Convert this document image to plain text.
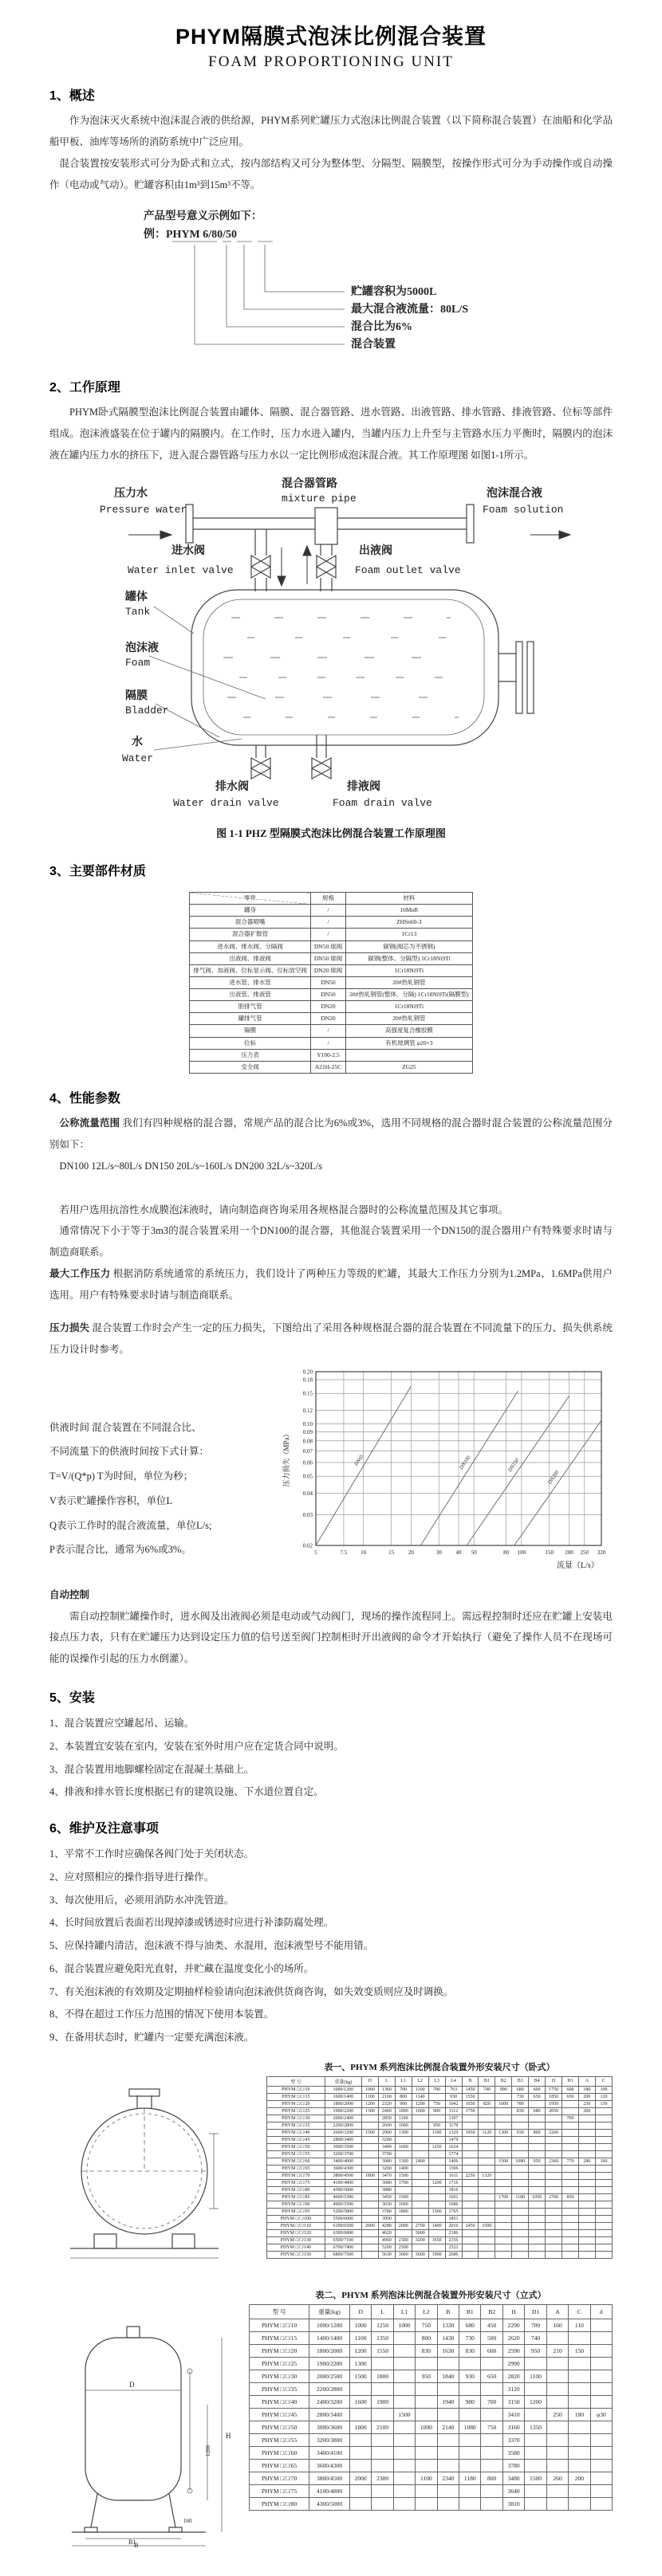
PHYM隔膜式泡沫比例混合装置
FOAM PROPORTIONING UNIT
1、概述
作为泡沫灭火系统中泡沫混合液的供给源，PHYM系列贮罐压力式泡沫比例混合装置（以下简称混合装置）在油船和化学品船甲板、油库等场所的消防系统中广泛应用。
混合装置按安装形式可分为卧式和立式，按内部结构又可分为整体型、分隔型、隔膜型，按操作形式可分为手动操作或自动操作（电动或气动）。贮罐容积由1m³到15m³不等。
产品型号意义示例如下：
例：PHYM 6/80/50
贮罐容积为5000L
最大混合液流量：80L/S
混合比为6%
混合装置
2、工作原理
PHYM卧式隔膜型泡沫比例混合装置由罐体、隔膜、混合器管路、进水管路、出液管路、排水管路、排液管路、位标等部件组成。泡沫液盛装在位于罐内的隔膜内。在工作时，压力水进入罐内，当罐内压力上升至与主管路水压力平衡时，隔膜内的泡沫液在罐内压力水的挤压下，进入混合器管路与压力水以一定比例形成泡沫混合液。其工作原理图 如图1-1所示。
压力水
Pressure water
混合器管路
mixture pipe	泡沫混合液
Foam solution
进水阀
Water inlet valve
出液阀
Foam outlet valve
罐体
Tank
泡沫液
Foam
隔膜
Bladder
水
Water
排水阀
Water drain valve
排液阀
Foam drain valve
图 1-1 PHZ 型隔膜式泡沫比例混合装置工作原理图
3、主要部件材质
零件	规格	材料
罐身	/	16MnR
混合器喷嘴	/	ZHSn60-3
混合器扩散管	/	1Cr13
进水阀、排水阀、分隔阀	DN50 球阀	碳钢(阀芯为不锈钢)
出液阀、排液阀	DN50 球阀	碳钢(整体、分隔型) 1Cr18Ni9Ti
排气阀、加液阀、位标显示阀、位标放空阀	DN20 球阀	1Cr18Ni9Ti
进水管、排水管	DN50	20#热轧钢管
出液管、排液管	DN50	20#热轧钢管(整体、分隔) 1Cr18Ni9Ti(隔膜型)
胆排气管	DN20	1Cr18Ni9Ti
罐排气管	DN20	20#热轧钢管
隔膜	/	高强度复合橡胶膜
位标	/	有机玻璃管 φ20×3
压力表	Y100-2.5	
安全阀	A21H-25C	ZG25
4、性能参数
公称流量范围 我们有四种规格的混合器，常规产品的混合比为6%或3%，选用不同规格的混合器时混合装置的公称流量范围分别如下：
DN100 12L/s~80L/s DN150 20L/s~160L/s DN200 32L/s~320L/s
若用户选用抗溶性水成膜泡沫液时，请向制造商咨询采用各规格混合器时的公称流量范围及其它事项。
通常情况下小于等于3m3的混合装置采用一个DN100的混合器，其他混合装置采用一个DN150的混合器用户有特殊要求时请与制造商联系。
最大工作压力 根据消防系统通常的系统压力，我们设计了两种压力等级的贮罐，其最大工作压力分别为1.2MPa、1.6MPa供用户选用。用户有特殊要求时请与制造商联系。
压力损失 混合装置工作时会产生一定的压力损失，下图给出了采用各种规格混合器的混合装置在不同流量下的压力、损失供系统压力设计时参考。
供液时间 混合装置在不同混合比、
不同流量下的供液时间按下式计算：
T=V/(Q*p) T为时间，单位为秒；
V表示贮罐操作容积，单位L
Q表示工作时的混合液流量，单位L/s;
P表示混合比，通常为6%或3%。	5	7.5 10	15	20	30	40 50	80 100	150 200 250 320
0.02
0.03
0.04
0.05
0.06
0.07
0.08
0.09
0.10
0.12
0.15
0.18
0.20
DN65	DN100	DN150
DN200
压力损失（MPa）
流量（L/s）
自动控制
需自动控制贮罐操作时，进水阀及出液阀必须是电动或气动阀门，现场的操作流程同上。需远程控制时还应在贮罐上安装电接点压力表，只有在贮罐压力达到设定压力值的信号送至阀门控制柜时开出液阀的命令才开始执行（避免了操作人员不在现场可能的误操作引起的压力水倒灌）。
5、安装
1、混合装置应空罐起吊、运输。
2、本装置宜安装在室内，安装在室外时用户应在定货合同中说明。
3、混合装置用地脚螺栓固定在混凝土基础上。
4、排液和排水管长度根据已有的建筑设施、下水道位置自定。
6、维护及注意事项
1、平常不工作时应确保各阀门处于关闭状态。
2、应对照相应的操作指导进行操作。
3、每次使用后，必须用消防水冲洗管道。
4、长时间放置后表面若出现掉漆或锈迹时应进行补漆防腐处理。
5、应保持罐内清洁，泡沫液不得与油类、水混用，泡沫液型号不能用错。
6、混合装置应避免阳光直射，并贮藏在温度变化小的场所。
7、有关泡沫液的有效期及定期抽样检验请向泡沫液供货商咨询，如失效变质则应及时调换。
8、不得在超过工作压力范围的情况下使用本装置。
9、在备用状态时，贮罐内一定要充满泡沫液。
表一、PHYM 系列泡沫比例混合装置外形安装尺寸（卧式）
型 号	重量(kg)	D	L	L1	L2	L3	L4	B	B1	B2	B3	B4	H	H1	A	C
PHYM □/□/10	1000/1200	1000	1360	700	1100	700	763	1450	740	900	680	600	1750	600	180	100
PHYM □/□/15	1600/1400	1100	2100	800	1140		930	1550			730	650	1850	650	200	120
PHYM □/□/20	1800/2000	1200	2320	900	1200	750	1042	1650	820	1000	780		1950		230	130
PHYM □/□/25	1900/2200	1300	2460	1000	1600	900	1112	1750			830	680	2050		260	
PHYM □/□/30	2000/2400		2850	1100			1307							700		
PHYM □/□/35	2200/2800		2600	1000		950	1179									
PHYM □/□/40	2600/3200	1500	2900	1300		1100	1329	1950	1120	1300	930	800	2260			
PHYM □/□/45	2800/3400		3200				1479									
PHYM □/□/50	3000/3500		3490	1600		1250	1624									
PHYM □/□/55	3200/3700		3790				1774									
PHYM □/□/60	3400/4000		3080	1300	2400		1406			1500	1080	950	2360	770	280	160
PHYM □/□/65	3600/4300		3260	1400			1506									
PHYM □/□/70	3800/4500	1800	3470	1500			1611	2250	1320							
PHYM □/□/75	4100/4800		3680	1700		1200	1716									
PHYM □/□/80	4300/5000		3880				1816									
PHYM □/□/85	4600/5300		3450	1500			1601			1700	1180	1050	2760	850		
PHYM □/□/90	4900/5500		3630	1600			1686									
PHYM □/□/95	5200/5800		3780	1800		1500	1765									
PHYM □/□/100	5500/6000		3950				1851									
PHYM □/□/110	6100/6500	2000	4280	2000	2700	1400	2016	2450	1500							
PHYM □/□/120	6300/6800		4620		3000		2186									
PHYM □/□/130	6500/7100		4960	2300	3200	1650	2356									
PHYM □/□/140	6700/7400		5200	2500			2521									
PHYM □/□/150	6800/7500		5630	3000	3600	1900	2686									
D
H
1200
B1
B
160
表二、PHYM 系列泡沫比例混合装置外形安装尺寸（立式）
型 号	重量(kg)	D	L	L1	L2	B	B1	B2	H	D1	A	C	d
PHYM □/□/10	1000/1200	1000	1250	1000	750	1330	680	450	2290	700	160	110	
PHYM □/□/15	1400/1400	1100	1350		800	1430	730	500	2620	740			
PHYM □/□/20	1800/2000	1200	1550		830	1630	830	600	2590	950	210	150	
PHYM □/□/25	1900/2200	1300							2990				
PHYM □/□/30	2000/2500	1500	1800		950	1840	930	650	2820	1100			
PHYM □/□/35	2200/2800								3120				
PHYM □/□/40	2400/3200	1600	1900			1940	980	700	3150	1200			
PHYM □/□/45	2800/3400			1500					3410		250	180	φ30
PHYM □/□/50	3000/3600	1800	2100		1000	2140	1080	750	3160	1350			
PHYM □/□/55	3200/3800								3370				
PHYM □/□/60	3400/4100								3580				
PHYM □/□/65	3600/4300								3780				
PHYM □/□/70	3800/4500	2000	2300		1100	2340	1180	800	3480	1500	260	200	
PHYM □/□/75	4100/4800								3640				
PHYM □/□/80	4300/5000								3810				
